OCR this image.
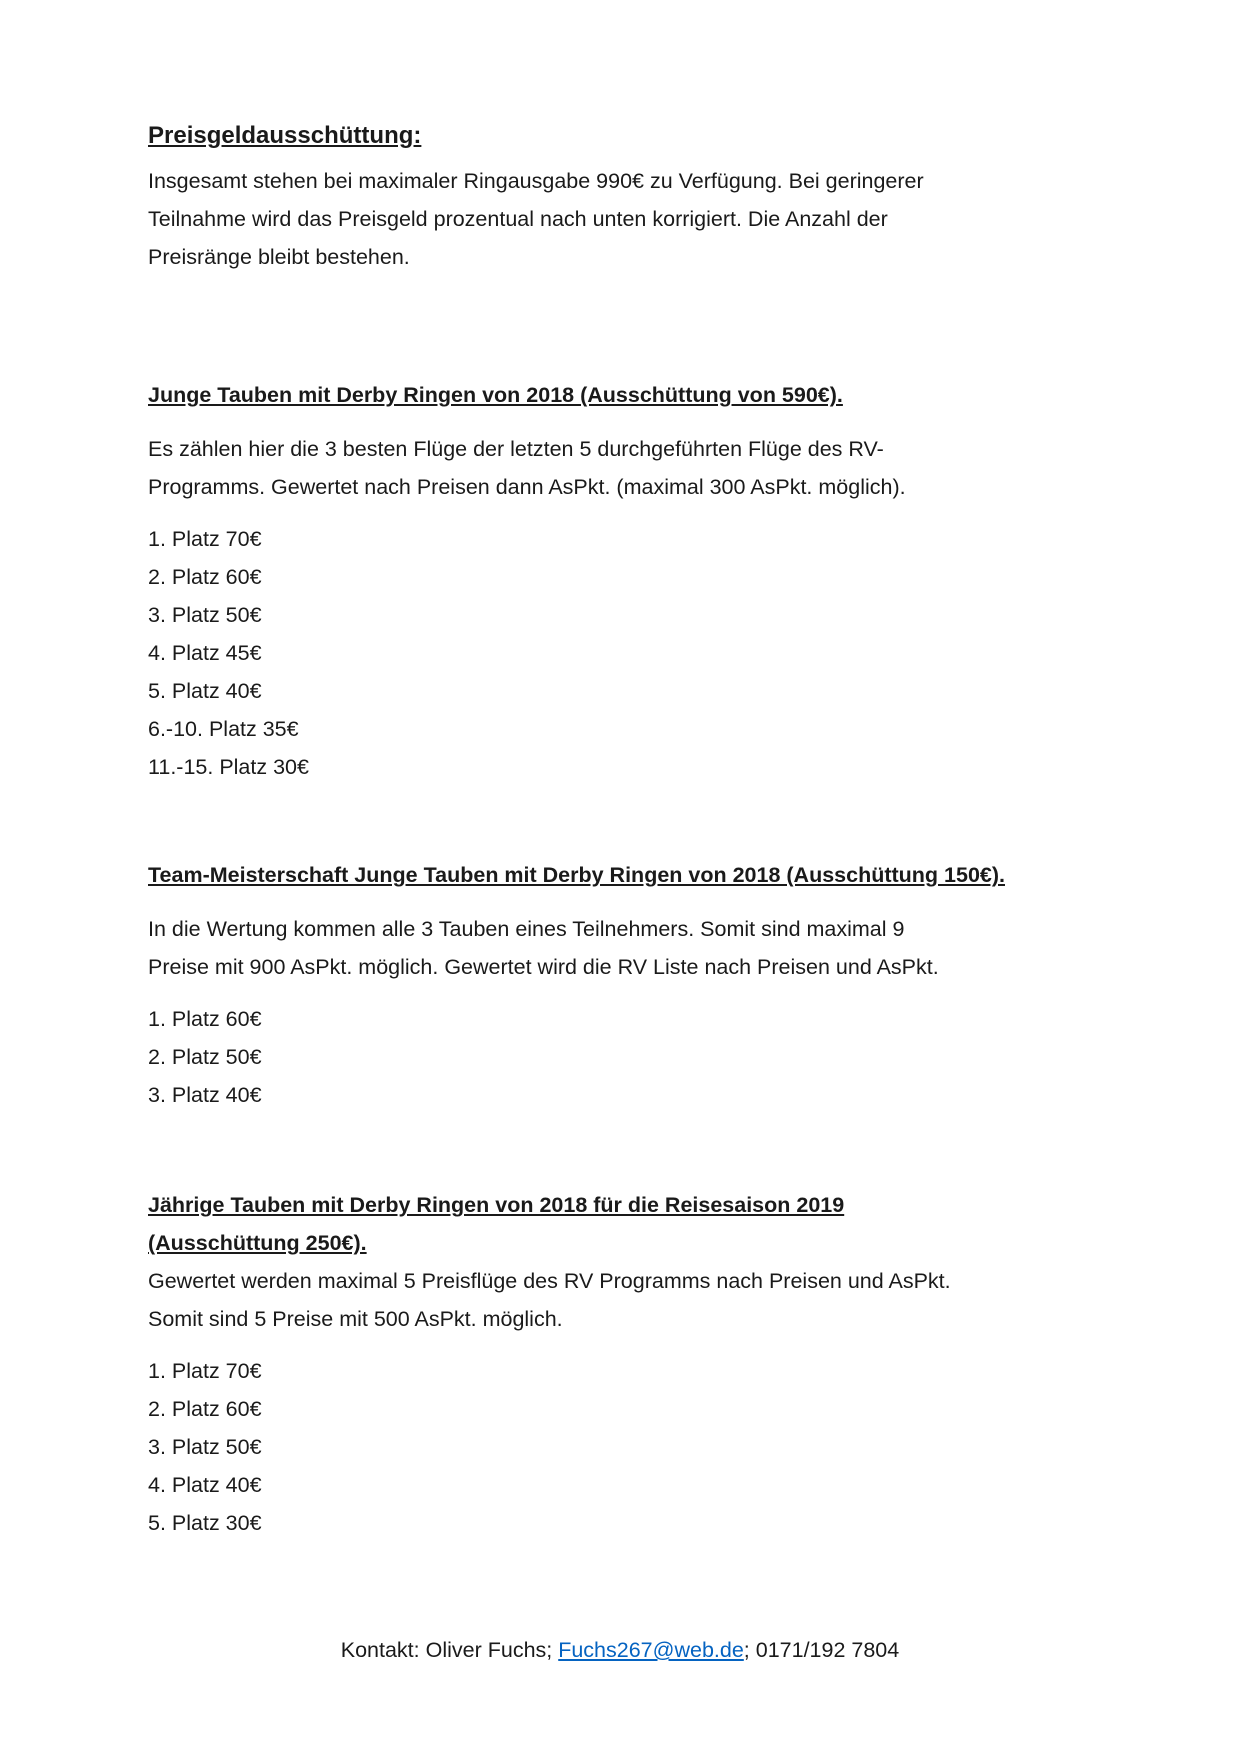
Preisgeldausschüttung:

Insgesamt stehen bei maximaler Ringausgabe 990€ zu Verfügung. Bei geringerer

Teilnahme wird das Preisgeld prozentual nach unten korrigiert. Die Anzahl der

Preisränge bleibt bestehen.

Junge Tauben mit Derby Ringen von 2018 (Ausschüttung von 590€).

Es zählen hier die 3 besten Flüge der letzten 5 durchgeführten Flüge des RV-

Programms. Gewertet nach Preisen dann AsPkt. (maximal 300 AsPkt. möglich).

1. Platz 70€
2. Platz 60€
3. Platz 50€
4. Platz 45€
5. Platz 40€
6.-10. Platz 35€
11.-15. Platz 30€

Team-Meisterschaft Junge Tauben mit Derby Ringen von 2018 (Ausschüttung 150€).

In die Wertung kommen alle 3 Tauben eines Teilnehmers. Somit sind maximal 9

Preise mit 900 AsPkt. möglich. Gewertet wird die RV Liste nach Preisen und AsPkt.

1. Platz 60€
2. Platz 50€
3. Platz 40€

Jährige Tauben mit Derby Ringen von 2018 für die Reisesaison 2019

(Ausschüttung 250€).

Gewertet werden maximal 5 Preisflüge des RV Programms nach Preisen und AsPkt.

Somit sind 5 Preise mit 500 AsPkt. möglich.

1. Platz 70€
2. Platz 60€
3. Platz 50€
4. Platz 40€
5. Platz 30€
Kontakt: Oliver Fuchs; Fuchs267@web.de; 0171/192 7804
